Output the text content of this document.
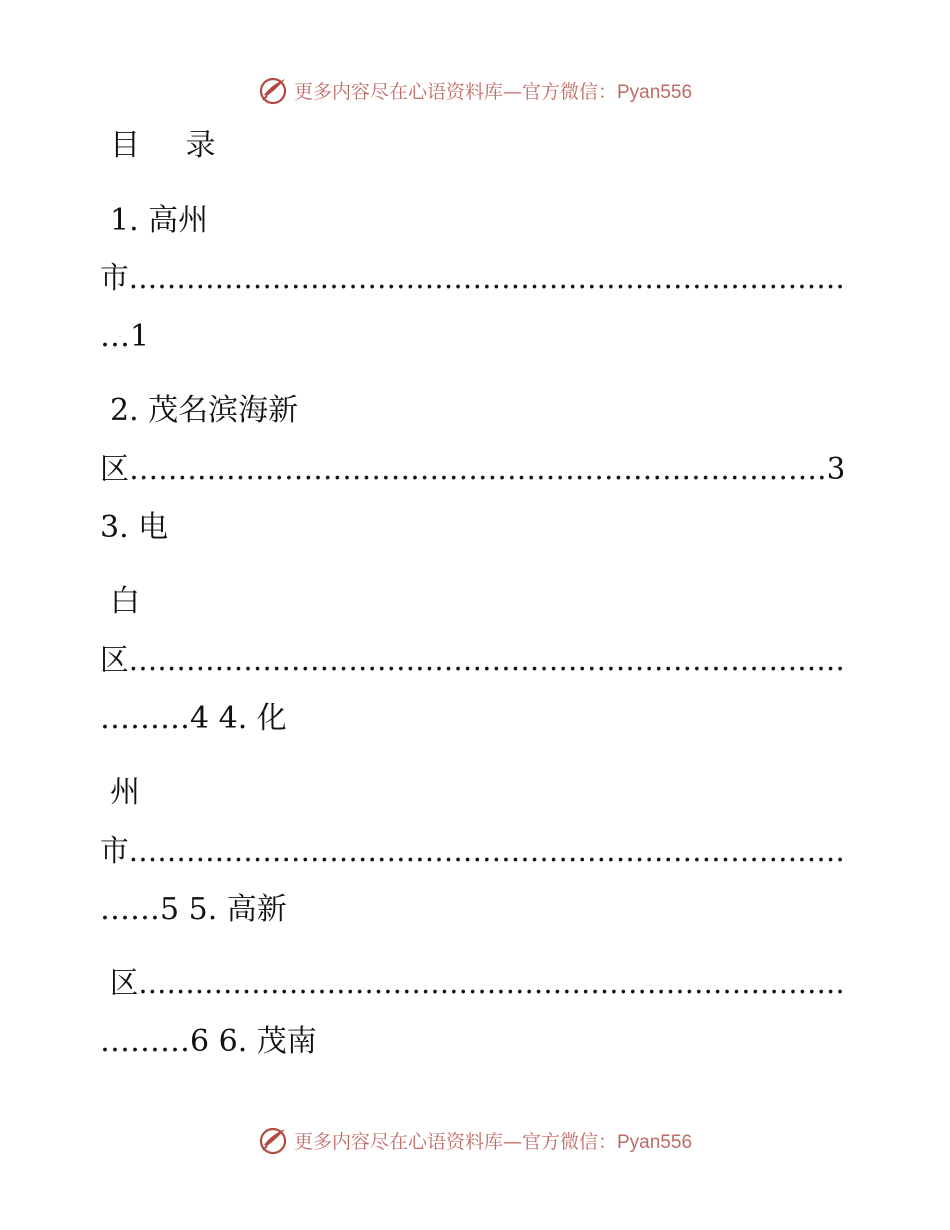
更多内容尽在心语资料库—官方微信：Pyan556
目 录
1. 高州
市…………………………………………………………………
…1
2. 茂名滨海新
区………………………………………………………………3
3. 电
白
区…………………………………………………………………
………4 4. 化
州
市…………………………………………………………………
……5 5. 高新
区…………………………………………………………………
………6 6. 茂南
更多内容尽在心语资料库—官方微信：Pyan556
